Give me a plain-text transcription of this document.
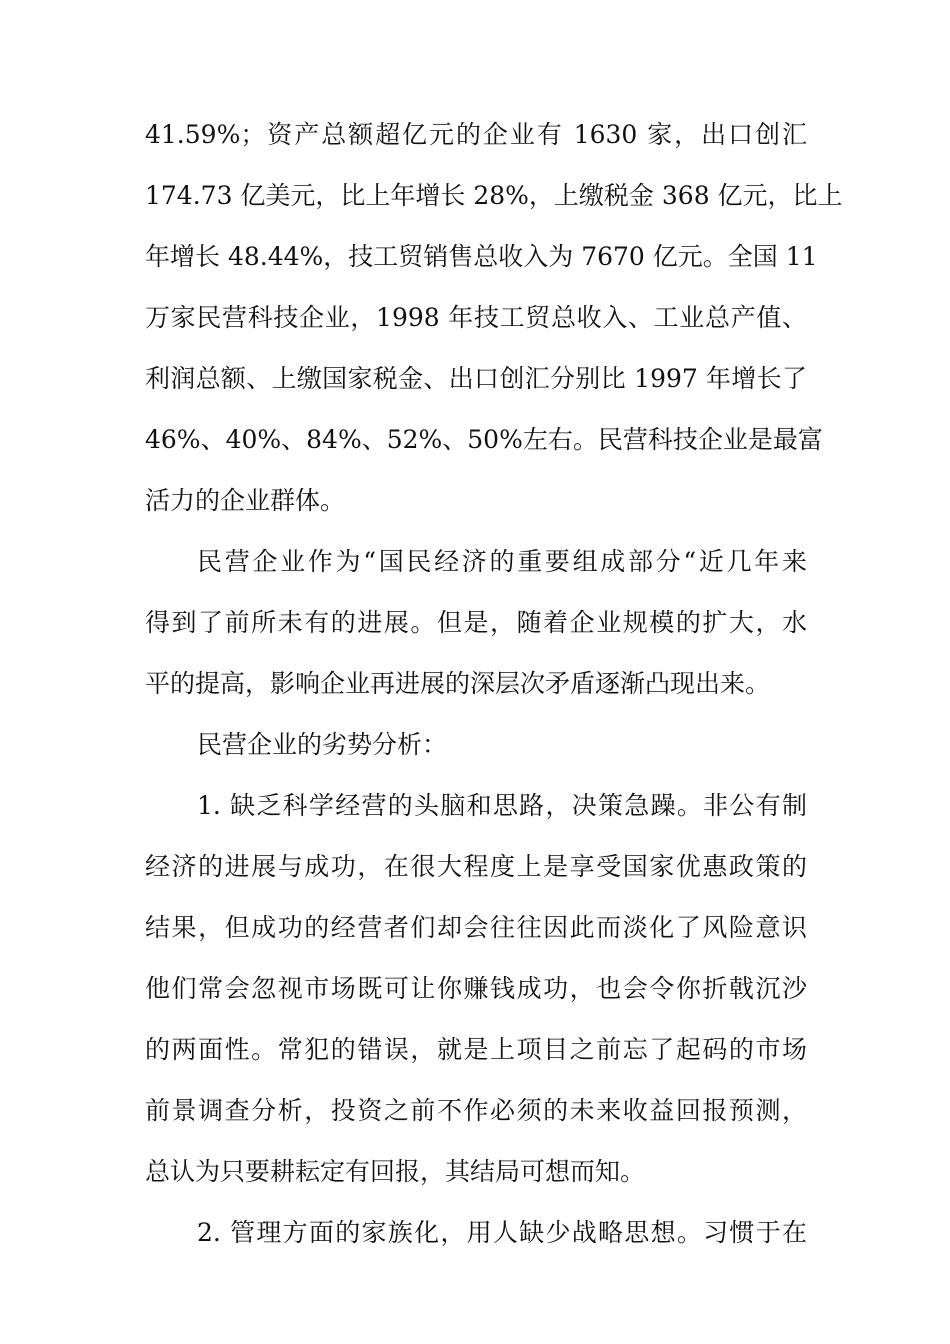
41.59%；资产总额超亿元的企业有 1630 家，出口创汇
174.73 亿美元，比上年增长 28%，上缴税金 368 亿元，比上
年增长 48.44%，技工贸销售总收入为 7670 亿元。全国 11
万家民营科技企业，1998 年技工贸总收入、工业总产值、
利润总额、上缴国家税金、出口创汇分别比 1997 年增长了
46%、40%、84%、52%、50%左右。民营科技企业是最富
活力的企业群体。
民营企业作为“国民经济的重要组成部分“近几年来
得到了前所未有的进展。但是，随着企业规模的扩大，水
平的提高，影响企业再进展的深层次矛盾逐渐凸现出来。
民营企业的劣势分析：
1. 缺乏科学经营的头脑和思路，决策急躁。非公有制
经济的进展与成功，在很大程度上是享受国家优惠政策的
结果，但成功的经营者们却会往往因此而淡化了风险意识
他们常会忽视市场既可让你赚钱成功，也会令你折戟沉沙
的两面性。常犯的错误，就是上项目之前忘了起码的市场
前景调查分析，投资之前不作必须的未来收益回报预测，
总认为只要耕耘定有回报，其结局可想而知。
2. 管理方面的家族化，用人缺少战略思想。习惯于在
